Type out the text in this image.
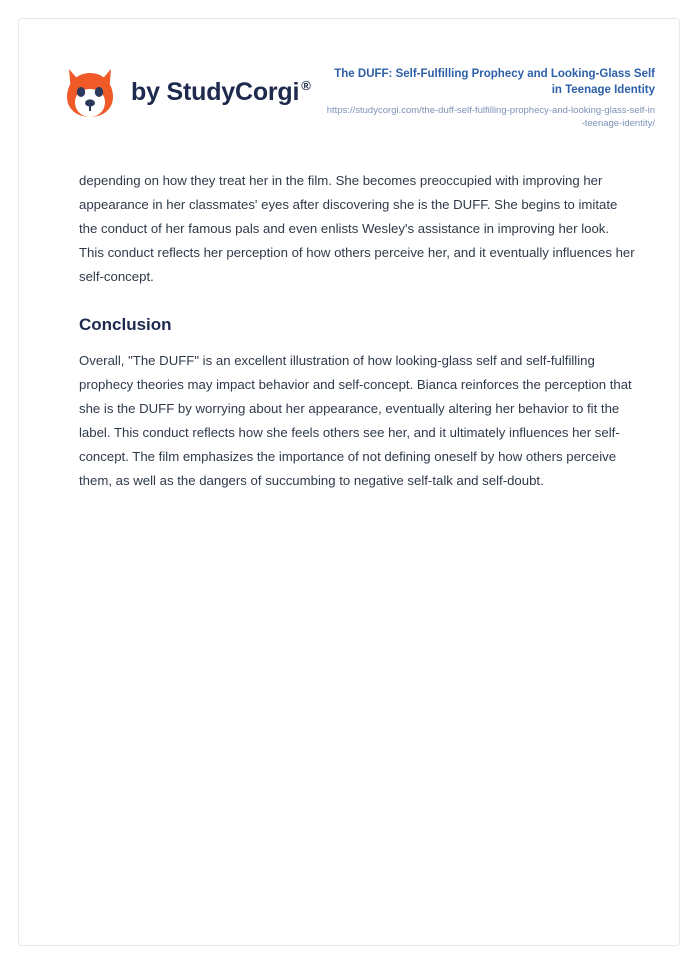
by StudyCorgi ®

The DUFF: Self-Fulfilling Prophecy and Looking-Glass Self in Teenage Identity

https://studycorgi.com/the-duff-self-fulfilling-prophecy-and-looking-glass-self-in-teenage-identity/

depending on how they treat her in the film. She becomes preoccupied with improving her appearance in her classmates' eyes after discovering she is the DUFF. She begins to imitate the conduct of her famous pals and even enlists Wesley's assistance in improving her look. This conduct reflects her perception of how others perceive her, and it eventually influences her self-concept.

Conclusion

Overall, "The DUFF" is an excellent illustration of how looking-glass self and self-fulfilling prophecy theories may impact behavior and self-concept. Bianca reinforces the perception that she is the DUFF by worrying about her appearance, eventually altering her behavior to fit the label. This conduct reflects how she feels others see her, and it ultimately influences her self-concept. The film emphasizes the importance of not defining oneself by how others perceive them, as well as the dangers of succumbing to negative self-talk and self-doubt.
